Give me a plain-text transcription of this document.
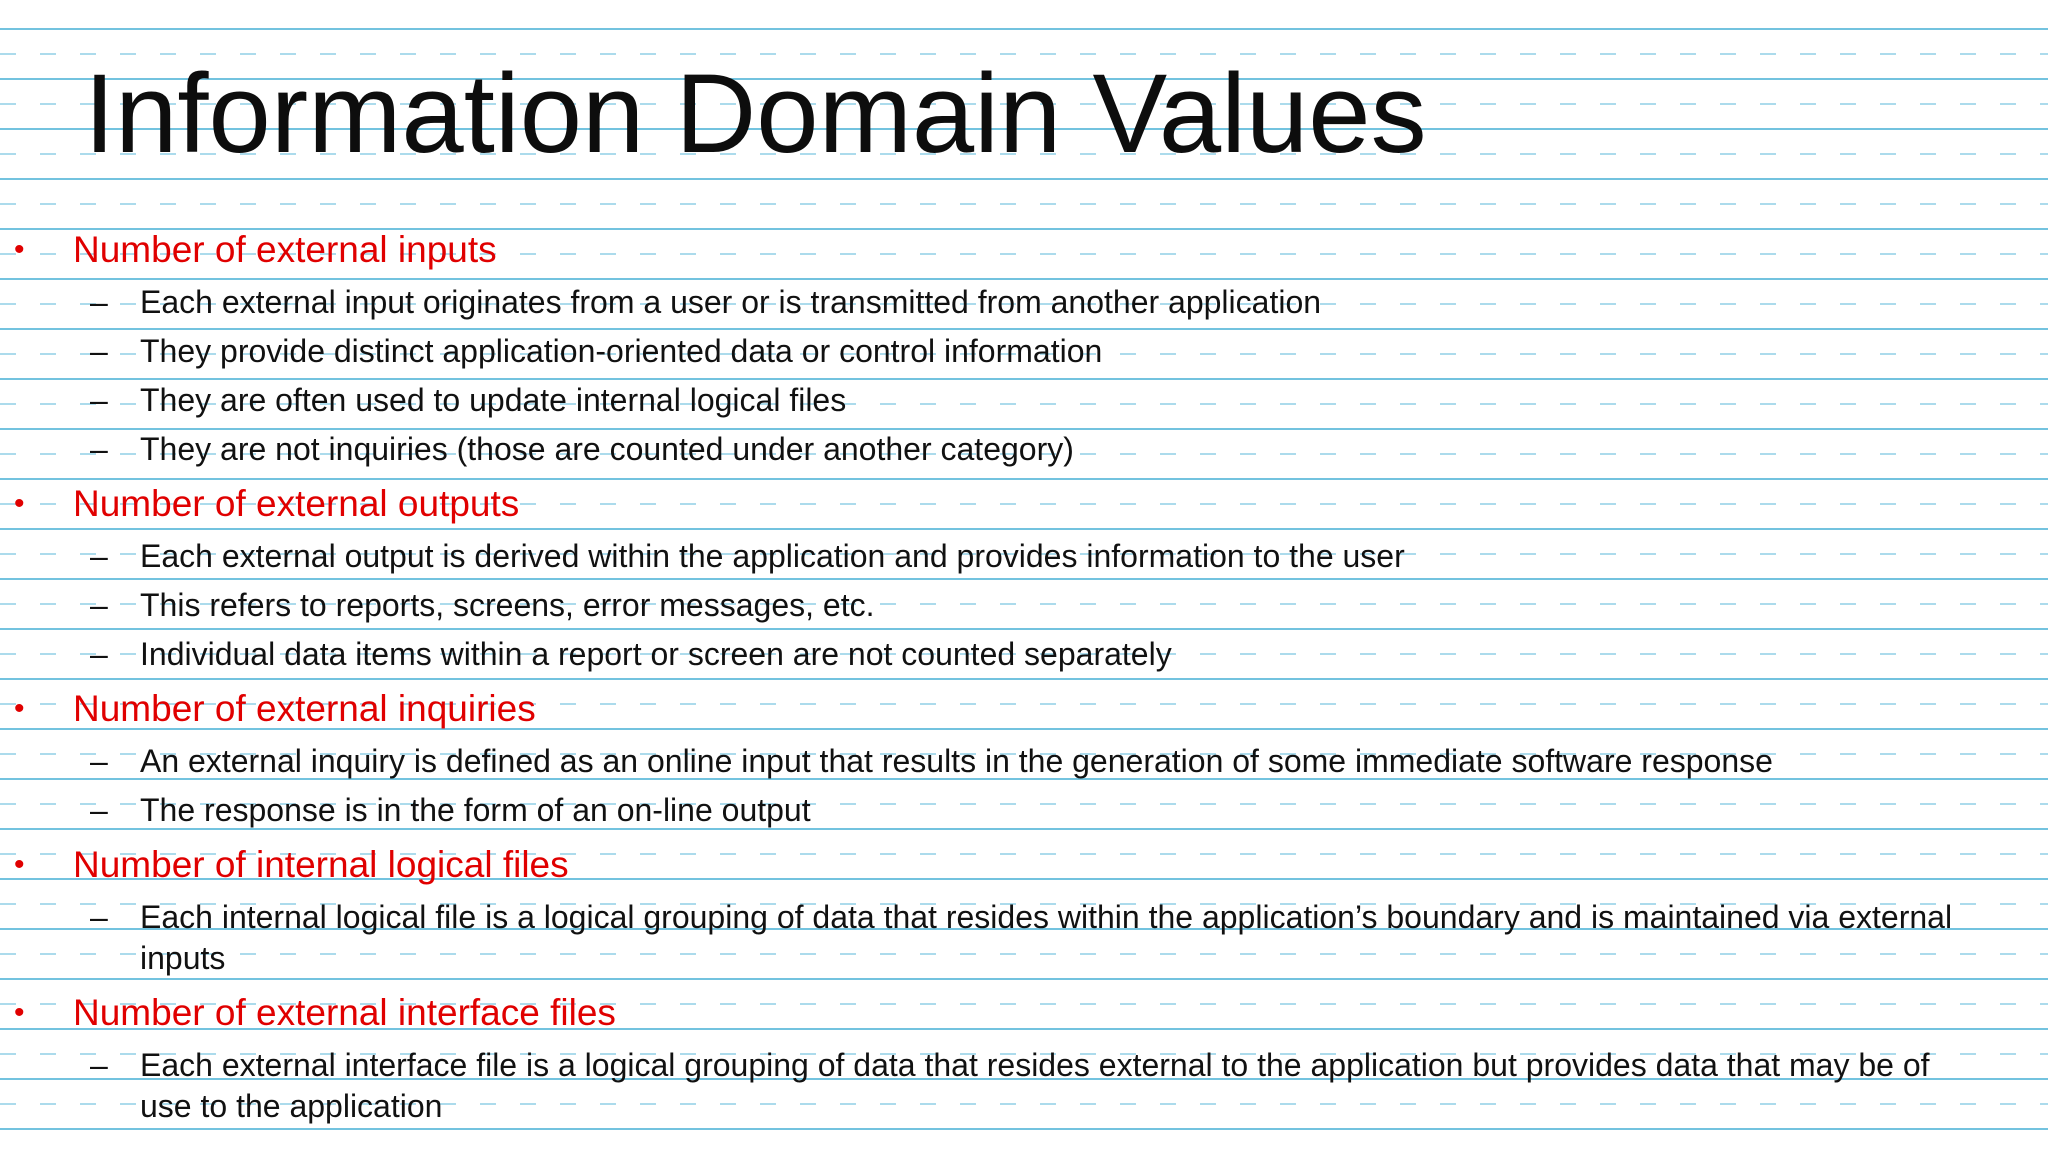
Information Domain Values
• Number of external inputs
– Each external input originates from a user or is transmitted from another application
– They provide distinct application-oriented data or control information
– They are often used to update internal logical files
– They are not inquiries (those are counted under another category)
• Number of external outputs
– Each external output is derived within the application and provides information to the user
– This refers to reports, screens, error messages, etc.
– Individual data items within a report or screen are not counted separately
• Number of external inquiries
– An external inquiry is defined as an online input that results in the generation of some immediate software response
– The response is in the form of an on-line output
• Number of internal logical files
– Each internal logical file is a logical grouping of data that resides within the application’s boundary and is maintained via external inputs
• Number of external interface files
– Each external interface file is a logical grouping of data that resides external to the application but provides data that may be of use to the application
